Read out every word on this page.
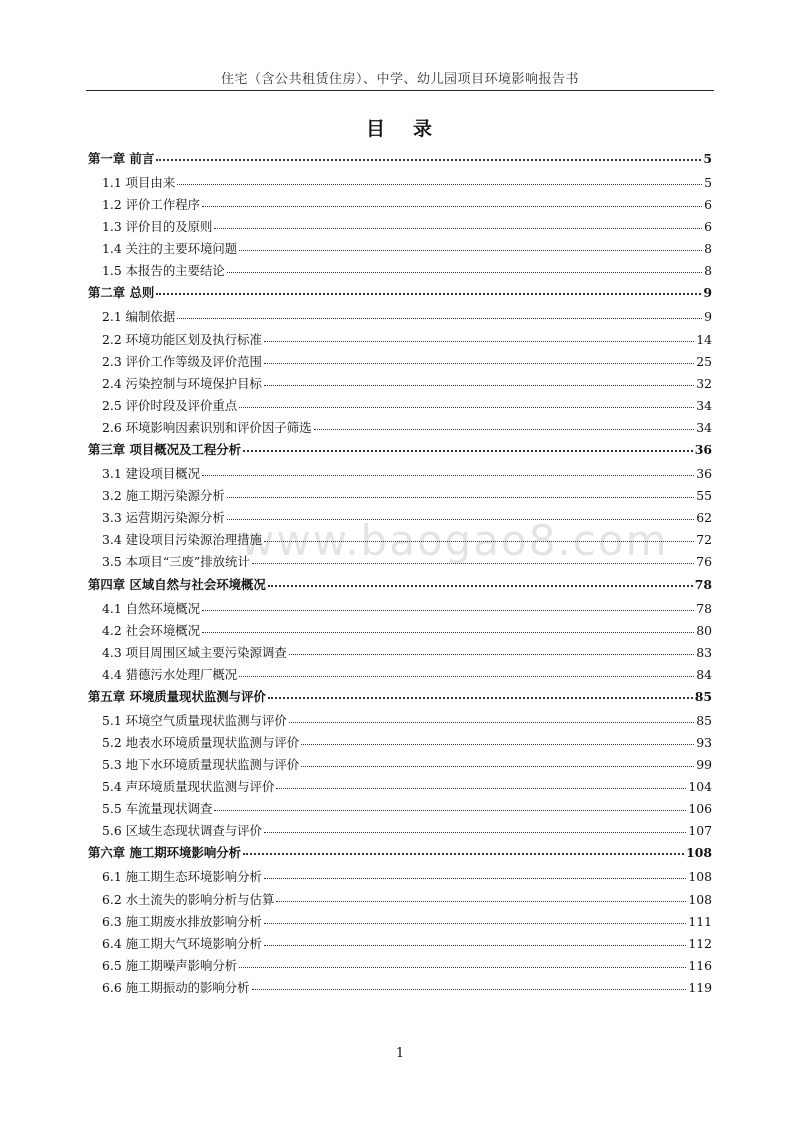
住宅（含公共租赁住房）、中学、幼儿园项目环境影响报告书
目 录
www.baogao8.com
第一章 前言	5
1.1 项目由来	5
1.2 评价工作程序	6
1.3 评价目的及原则	6
1.4 关注的主要环境问题	8
1.5 本报告的主要结论	8
第二章 总则	9
2.1 编制依据	9
2.2 环境功能区划及执行标准	14
2.3 评价工作等级及评价范围	25
2.4 污染控制与环境保护目标	32
2.5 评价时段及评价重点	34
2.6 环境影响因素识别和评价因子筛选	34
第三章 项目概况及工程分析	36
3.1 建设项目概况	36
3.2 施工期污染源分析	55
3.3 运营期污染源分析	62
3.4 建设项目污染源治理措施	72
3.5 本项目“三废”排放统计	76
第四章 区域自然与社会环境概况	78
4.1 自然环境概况	78
4.2 社会环境概况	80
4.3 项目周围区域主要污染源调查	83
4.4 猎德污水处理厂概况	84
第五章 环境质量现状监测与评价	85
5.1 环境空气质量现状监测与评价	85
5.2 地表水环境质量现状监测与评价	93
5.3 地下水环境质量现状监测与评价	99
5.4 声环境质量现状监测与评价	104
5.5 车流量现状调查	106
5.6 区域生态现状调查与评价	107
第六章 施工期环境影响分析	108
6.1 施工期生态环境影响分析	108
6.2 水土流失的影响分析与估算	108
6.3 施工期废水排放影响分析	111
6.4 施工期大气环境影响分析	112
6.5 施工期噪声影响分析	116
6.6 施工期振动的影响分析	119
1
